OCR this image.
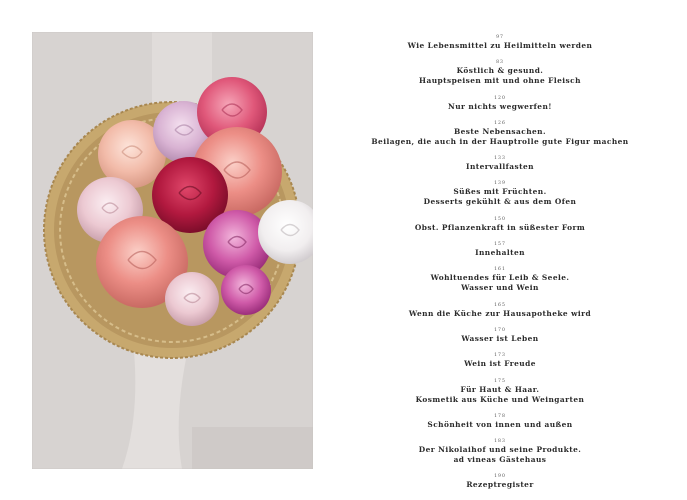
97
Wie Lebensmittel zu Heilmitteln werden
83
Köstlich & gesund.
Hauptspeisen mit und ohne Fleisch
120
Nur nichts wegwerfen!
126
Beste Nebensachen.
Beilagen, die auch in der Hauptrolle gute Figur machen
133
Intervallfasten
139
Süßes mit Früchten.
Desserts gekühlt & aus dem Ofen
150
Obst. Pflanzenkraft in süßester Form
157
Innehalten
161
Wohltuendes für Leib & Seele.
Wasser und Wein
165
Wenn die Küche zur Hausapotheke wird
170
Wasser ist Leben
173
Wein ist Freude
175
Für Haut & Haar.
Kosmetik aus Küche und Weingarten
178
Schönheit von innen und außen
183
Der Nikolaihof und seine Produkte.
ad vineas Gästehaus
190
Rezeptregister
